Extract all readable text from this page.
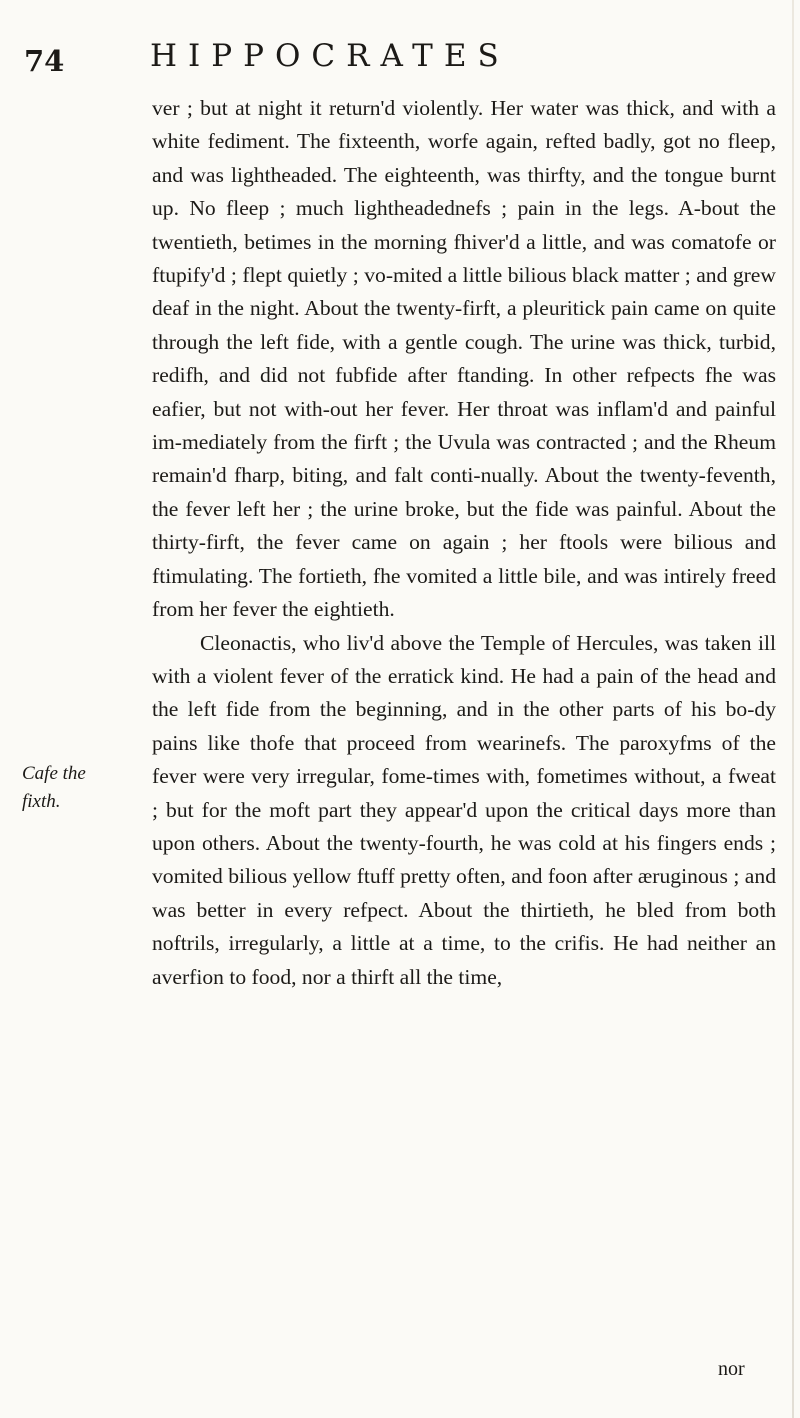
74	HIPPOCRATES
Cafe the
fixth.

ver ; but at night it return'd violently. Her water was thick, and with a white fediment. The fixteenth, worfe again, refted badly, got no fleep, and was lightheaded. The eighteenth, was thirfty, and the tongue burnt up. No fleep ; much lightheadednefs ; pain in the legs. A-bout the twentieth, betimes in the morning fhiver'd a little, and was comatofe or ftupify'd ; flept quietly ; vo-mited a little bilious black matter ; and grew deaf in the night. About the twenty-firft, a pleuritick pain came on quite through the left fide, with a gentle cough. The urine was thick, turbid, redifh, and did not fubfide after ftanding. In other refpects fhe was eafier, but not with-out her fever. Her throat was inflam'd and painful im-mediately from the firft ; the Uvula was contracted ; and the Rheum remain'd fharp, biting, and falt conti-nually. About the twenty-feventh, the fever left her ; the urine broke, but the fide was painful. About the thirty-firft, the fever came on again ; her ftools were bilious and ftimulating. The fortieth, fhe vomited a little bile, and was intirely freed from her fever the eightieth.

Cleonactis, who liv'd above the Temple of Hercules, was taken ill with a violent fever of the erratick kind. He had a pain of the head and the left fide from the beginning, and in the other parts of his bo-dy pains like thofe that proceed from wearinefs. The paroxyfms of the fever were very irregular, fome-times with, fometimes without, a fweat ; but for the moft part they appear'd upon the critical days more than upon others. About the twenty-fourth, he was cold at his fingers ends ; vomited bilious yellow ftuff pretty often, and foon after æruginous ; and was better in every refpect. About the thirtieth, he bled from both noftrils, irregularly, a little at a time, to the crifis. He had neither an averfion to food, nor a thirft all the time,

nor
